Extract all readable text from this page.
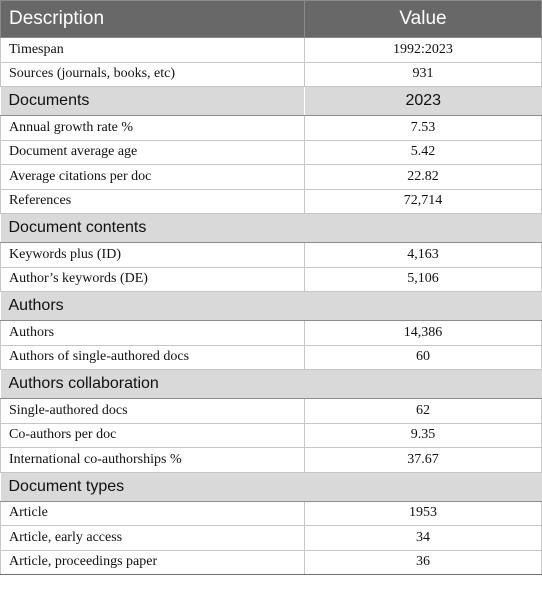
Description	Value
Timespan	1992:2023
Sources (journals, books, etc)	931
Documents	2023
Annual growth rate %	7.53
Document average age	5.42
Average citations per doc	22.82
References	72,714
Document contents	
Keywords plus (ID)	4,163
Author’s keywords (DE)	5,106
Authors	
Authors	14,386
Authors of single-authored docs	60
Authors collaboration	
Single-authored docs	62
Co-authors per doc	9.35
International co-authorships %	37.67
Document types	
Article	1953
Article, early access	34
Article, proceedings paper	36
